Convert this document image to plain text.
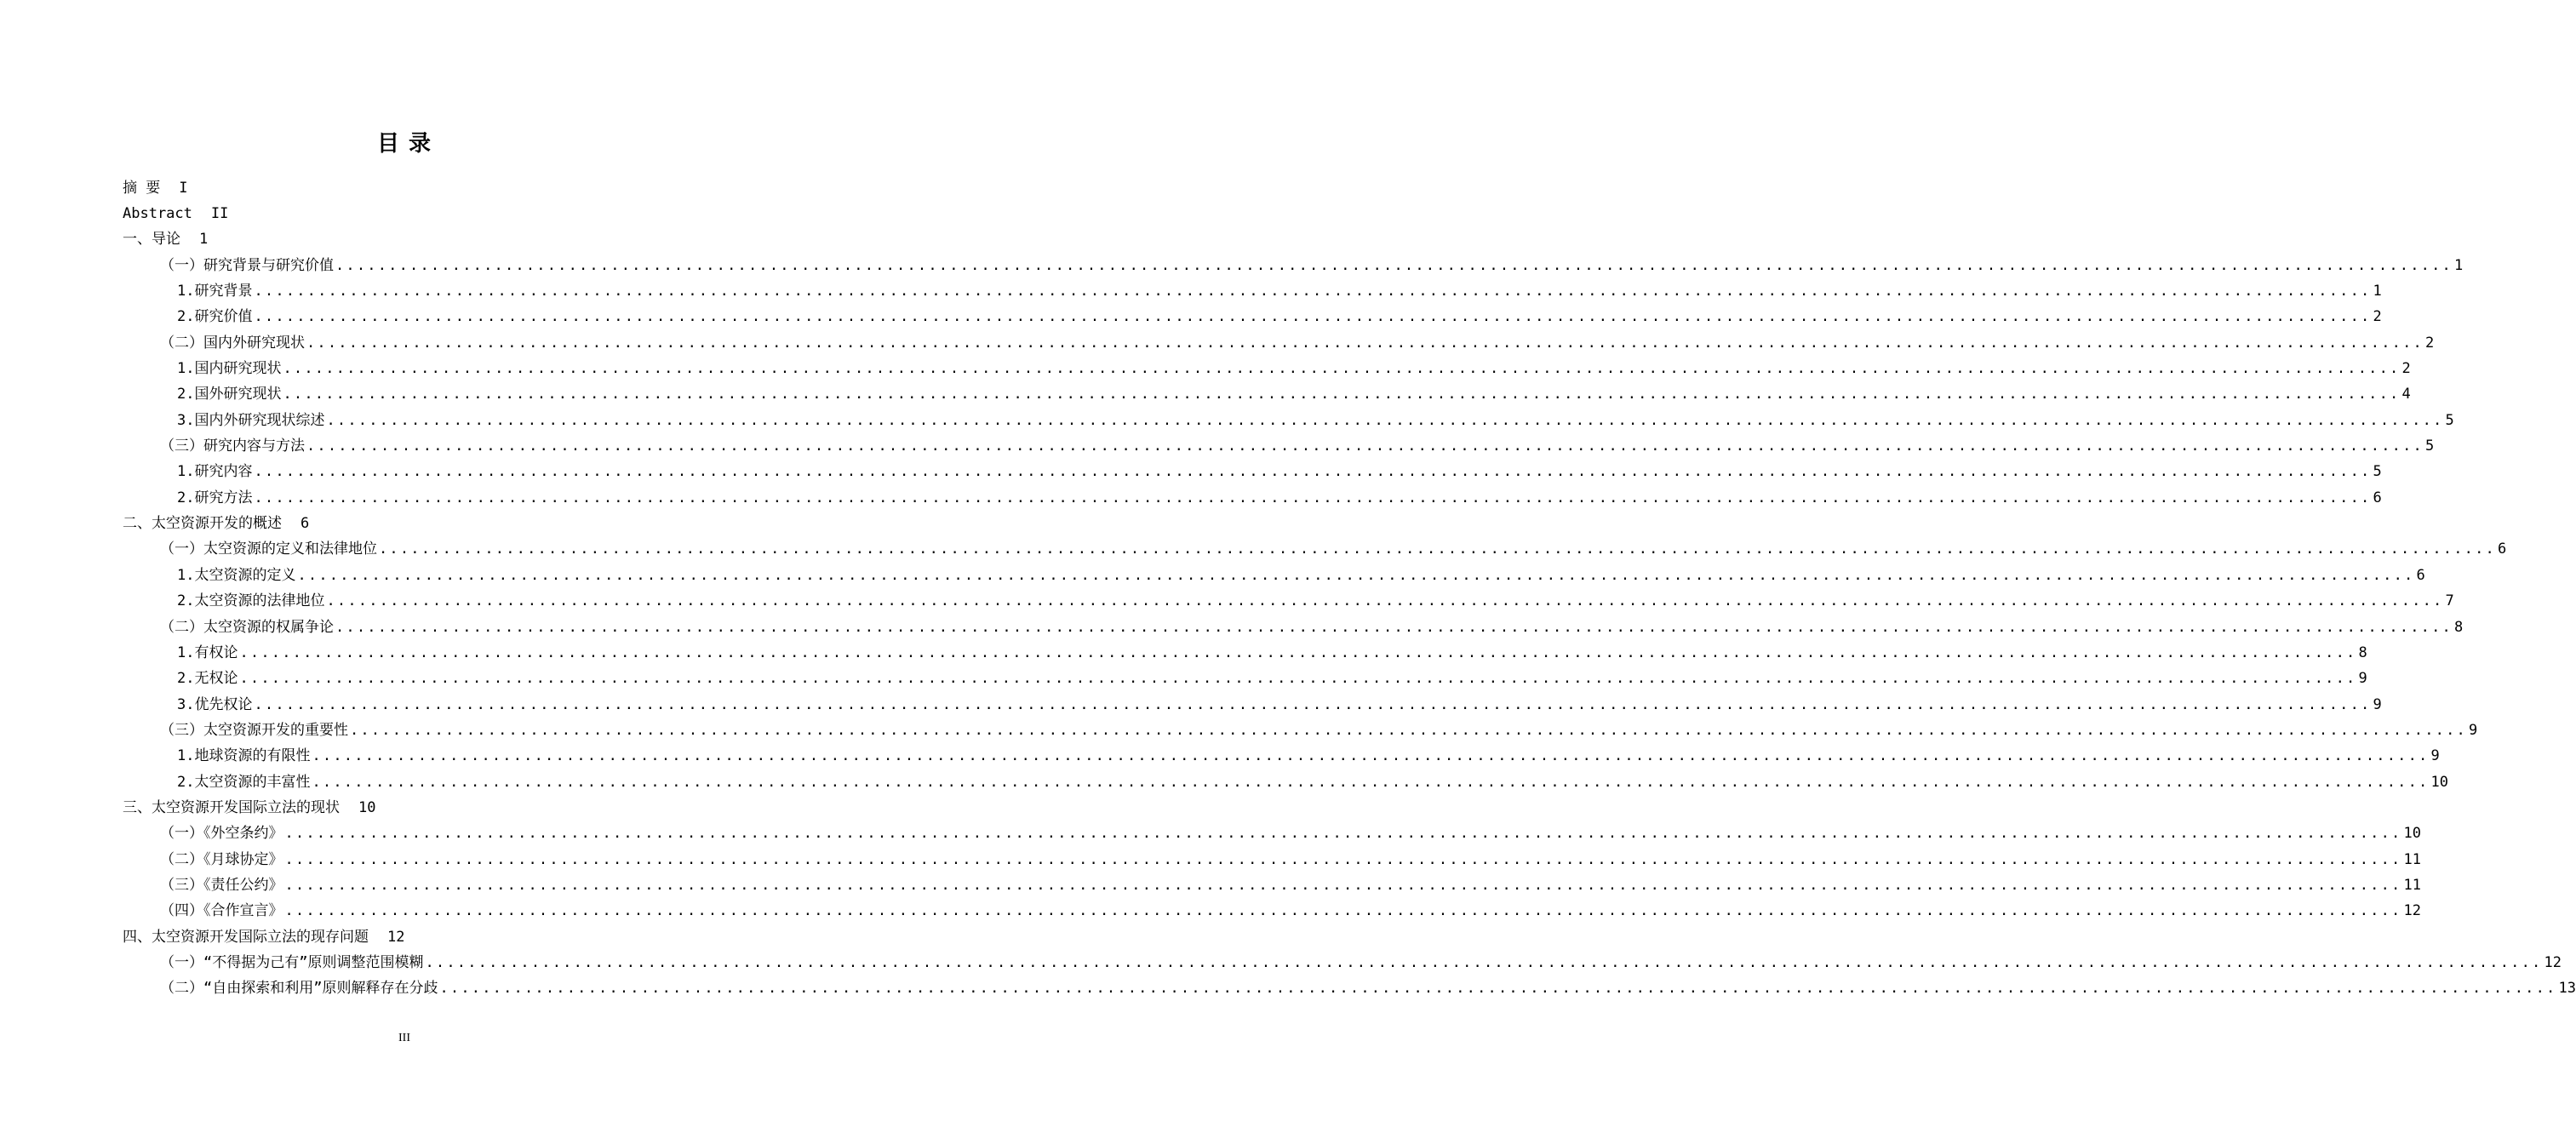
目 录
摘 要 I
Abstract II
一、导论 1
（一）研究背景与研究价值 ........................................................................................................................................................................................................ 1
1.研究背景 ........................................................................................................................................................................................................ 1
2.研究价值 ........................................................................................................................................................................................................ 2
（二）国内外研究现状 ........................................................................................................................................................................................................ 2
1.国内研究现状 ........................................................................................................................................................................................................ 2
2.国外研究现状 ........................................................................................................................................................................................................ 4
3.国内外研究现状综述 ........................................................................................................................................................................................................ 5
（三）研究内容与方法 ........................................................................................................................................................................................................ 5
1.研究内容 ........................................................................................................................................................................................................ 5
2.研究方法 ........................................................................................................................................................................................................ 6
二、太空资源开发的概述 6
（一）太空资源的定义和法律地位 ........................................................................................................................................................................................................ 6
1.太空资源的定义 ........................................................................................................................................................................................................ 6
2.太空资源的法律地位 ........................................................................................................................................................................................................ 7
（二）太空资源的权属争论 ........................................................................................................................................................................................................ 8
1.有权论 ........................................................................................................................................................................................................ 8
2.无权论 ........................................................................................................................................................................................................ 9
3.优先权论 ........................................................................................................................................................................................................ 9
（三）太空资源开发的重要性 ........................................................................................................................................................................................................ 9
1.地球资源的有限性 ........................................................................................................................................................................................................ 9
2.太空资源的丰富性 ........................................................................................................................................................................................................ 10
三、太空资源开发国际立法的现状 10
（一）《外空条约》 ........................................................................................................................................................................................................ 10
（二）《月球协定》 ........................................................................................................................................................................................................ 11
（三）《责任公约》 ........................................................................................................................................................................................................ 11
（四）《合作宣言》 ........................................................................................................................................................................................................ 12
四、太空资源开发国际立法的现存问题 12
（一）“不得据为己有”原则调整范围模糊 ........................................................................................................................................................................................................ 12
（二）“自由探索和利用”原则解释存在分歧 ........................................................................................................................................................................................................ 13
III
